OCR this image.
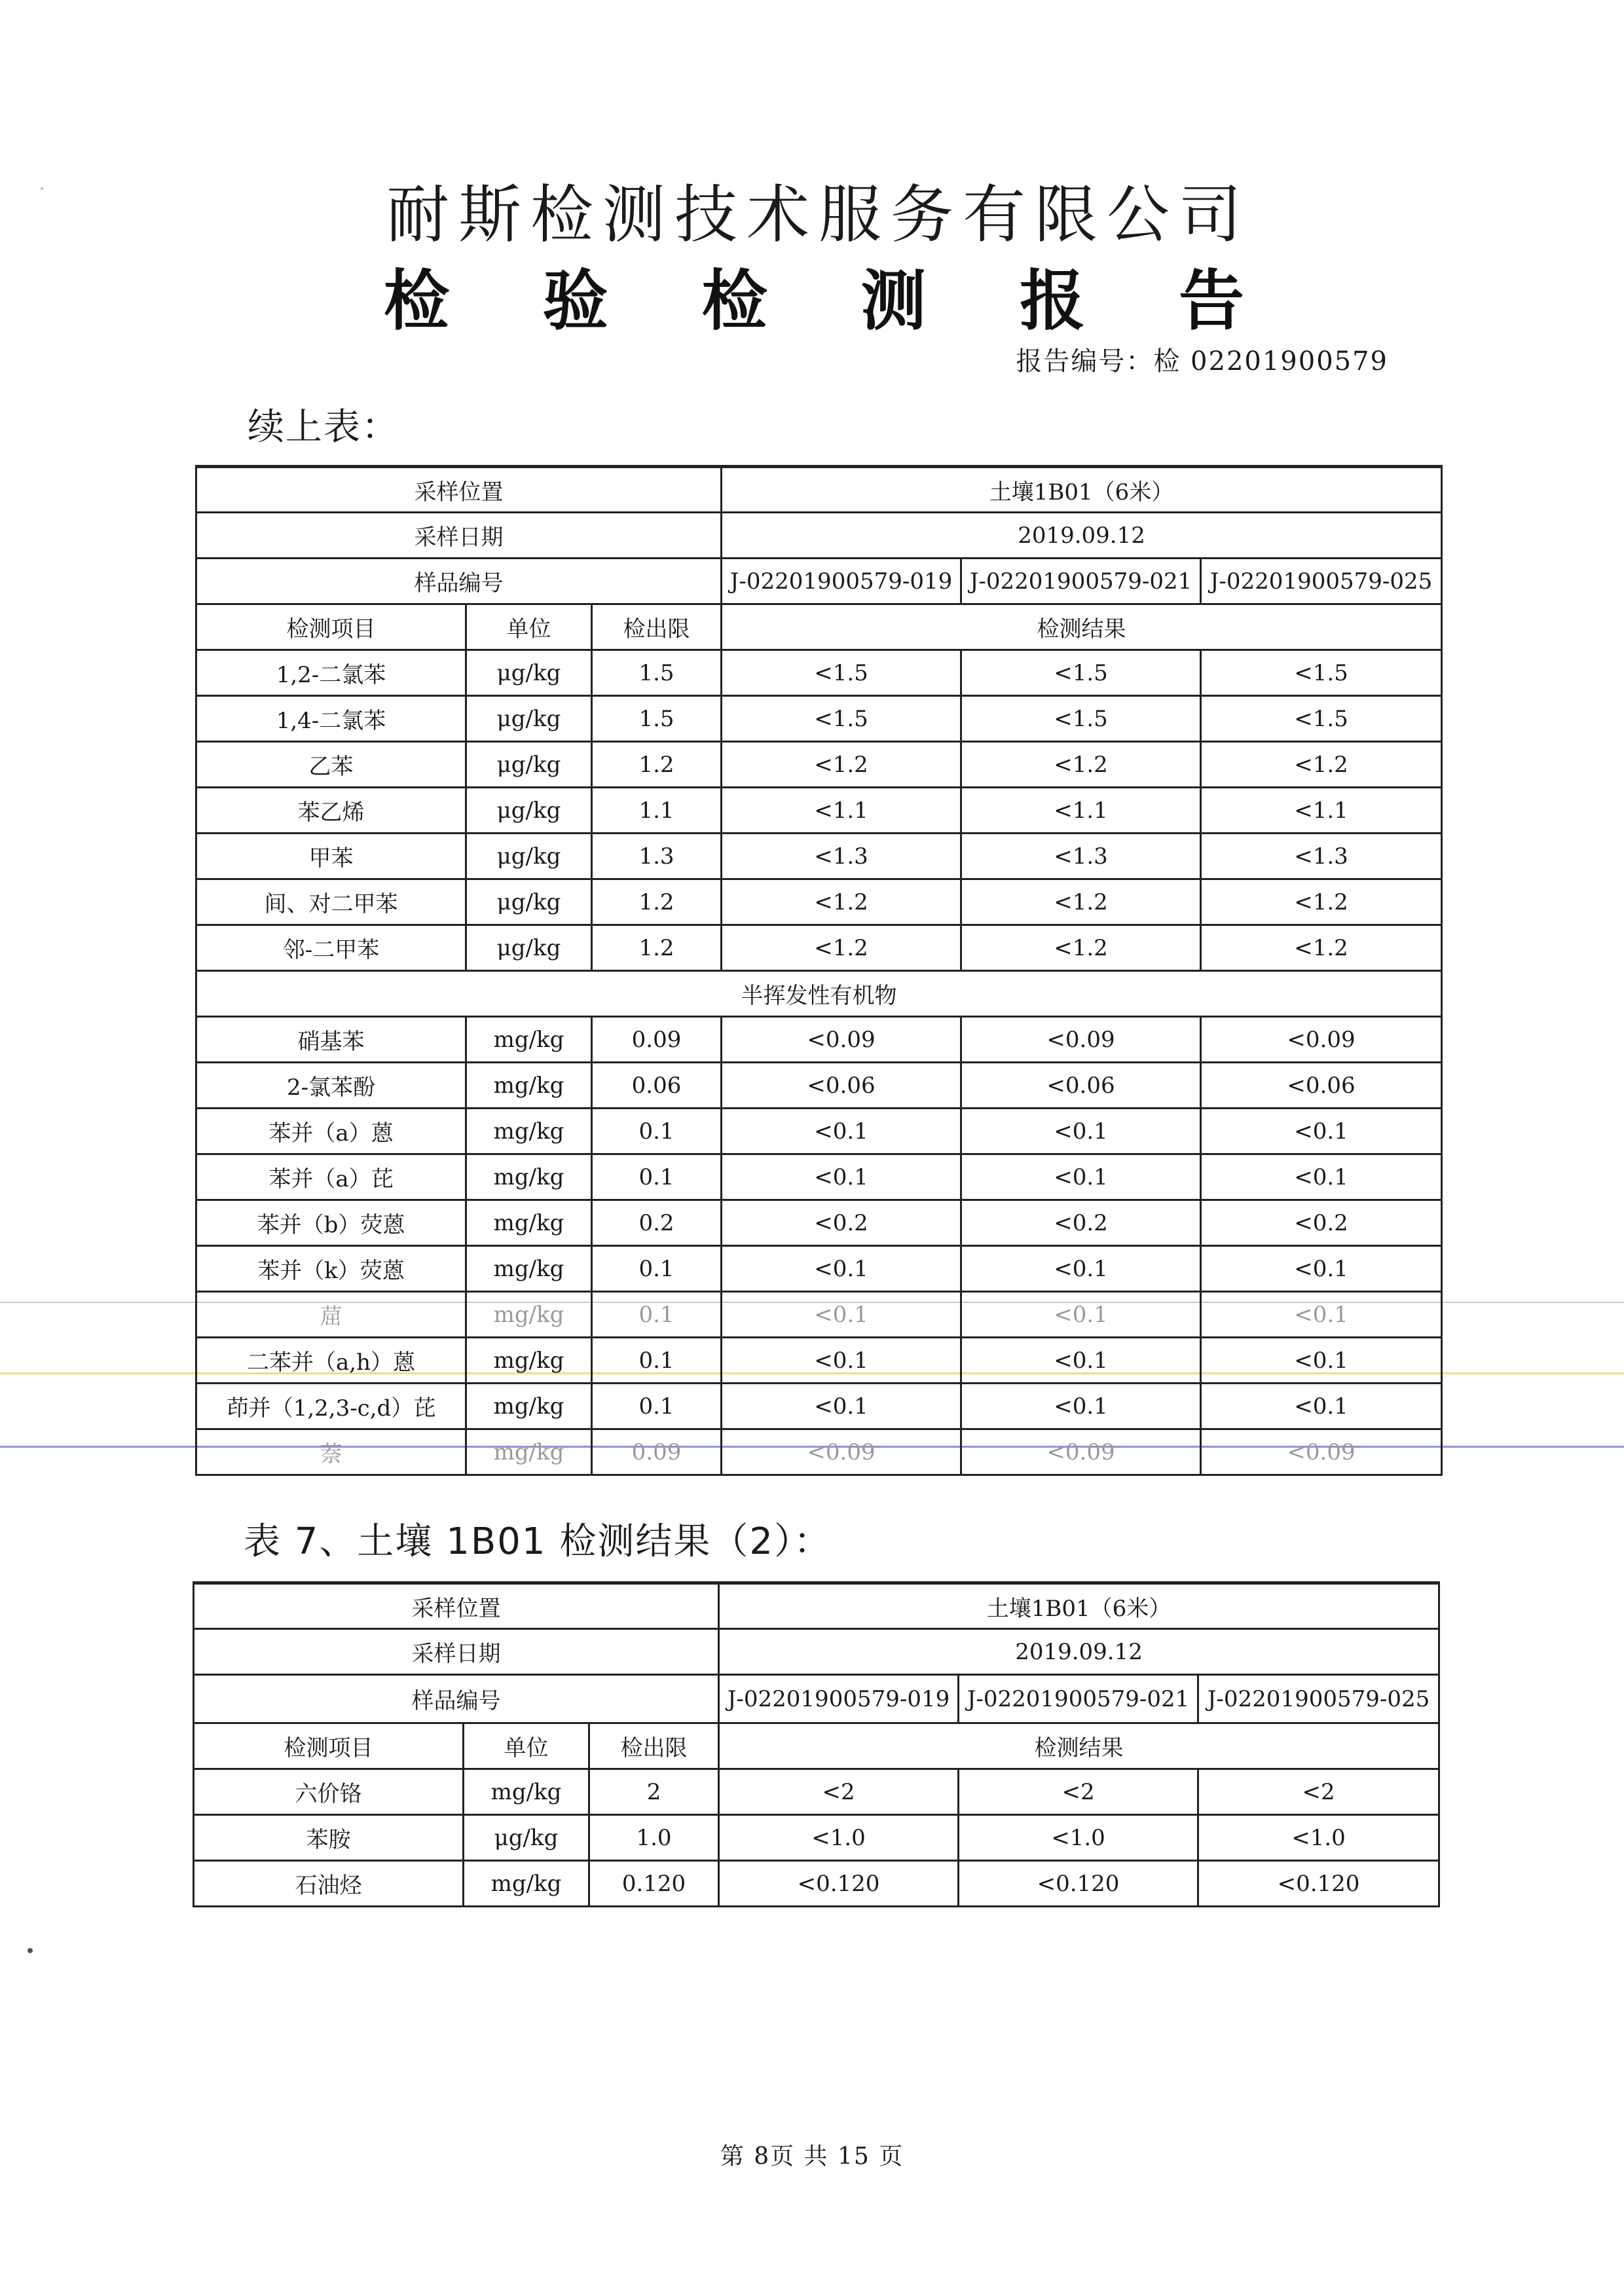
耐斯检测技术服务有限公司
检 验 检 测 报 告
报告编号：检 02201900579
续上表：
采样位置			土壤1B01（6米）		
采样日期			2019.09.12		
样品编号			J-02201900579-019	J-02201900579-021	J-02201900579-025
检测项目	单位	检出限	检测结果		
1,2-二氯苯	μg/kg	1.5	<1.5	<1.5	<1.5
1,4-二氯苯	μg/kg	1.5	<1.5	<1.5	<1.5
乙苯	μg/kg	1.2	<1.2	<1.2	<1.2
苯乙烯	μg/kg	1.1	<1.1	<1.1	<1.1
甲苯	μg/kg	1.3	<1.3	<1.3	<1.3
间、对二甲苯	μg/kg	1.2	<1.2	<1.2	<1.2
邻-二甲苯	μg/kg	1.2	<1.2	<1.2	<1.2
半挥发性有机物					
硝基苯	mg/kg	0.09	<0.09	<0.09	<0.09
2-氯苯酚	mg/kg	0.06	<0.06	<0.06	<0.06
苯并（a）蒽	mg/kg	0.1	<0.1	<0.1	<0.1
苯并（a）芘	mg/kg	0.1	<0.1	<0.1	<0.1
苯并（b）荧蒽	mg/kg	0.2	<0.2	<0.2	<0.2
苯并（k）荧蒽	mg/kg	0.1	<0.1	<0.1	<0.1
䓛	mg/kg	0.1	<0.1	<0.1	<0.1
二苯并（a,h）蒽	mg/kg	0.1	<0.1	<0.1	<0.1
茚并（1,2,3-c,d）芘	mg/kg	0.1	<0.1	<0.1	<0.1
萘	mg/kg	0.09	<0.09	<0.09	<0.09
表 7、土壤 1B01 检测结果（2）：
采样位置			土壤1B01（6米）		
采样日期			2019.09.12		
样品编号			J-02201900579-019	J-02201900579-021	J-02201900579-025
检测项目	单位	检出限	检测结果		
六价铬	mg/kg	2	<2	<2	<2
苯胺	μg/kg	1.0	<1.0	<1.0	<1.0
石油烃	mg/kg	0.120	<0.120	<0.120	<0.120
第 8页 共 15 页
